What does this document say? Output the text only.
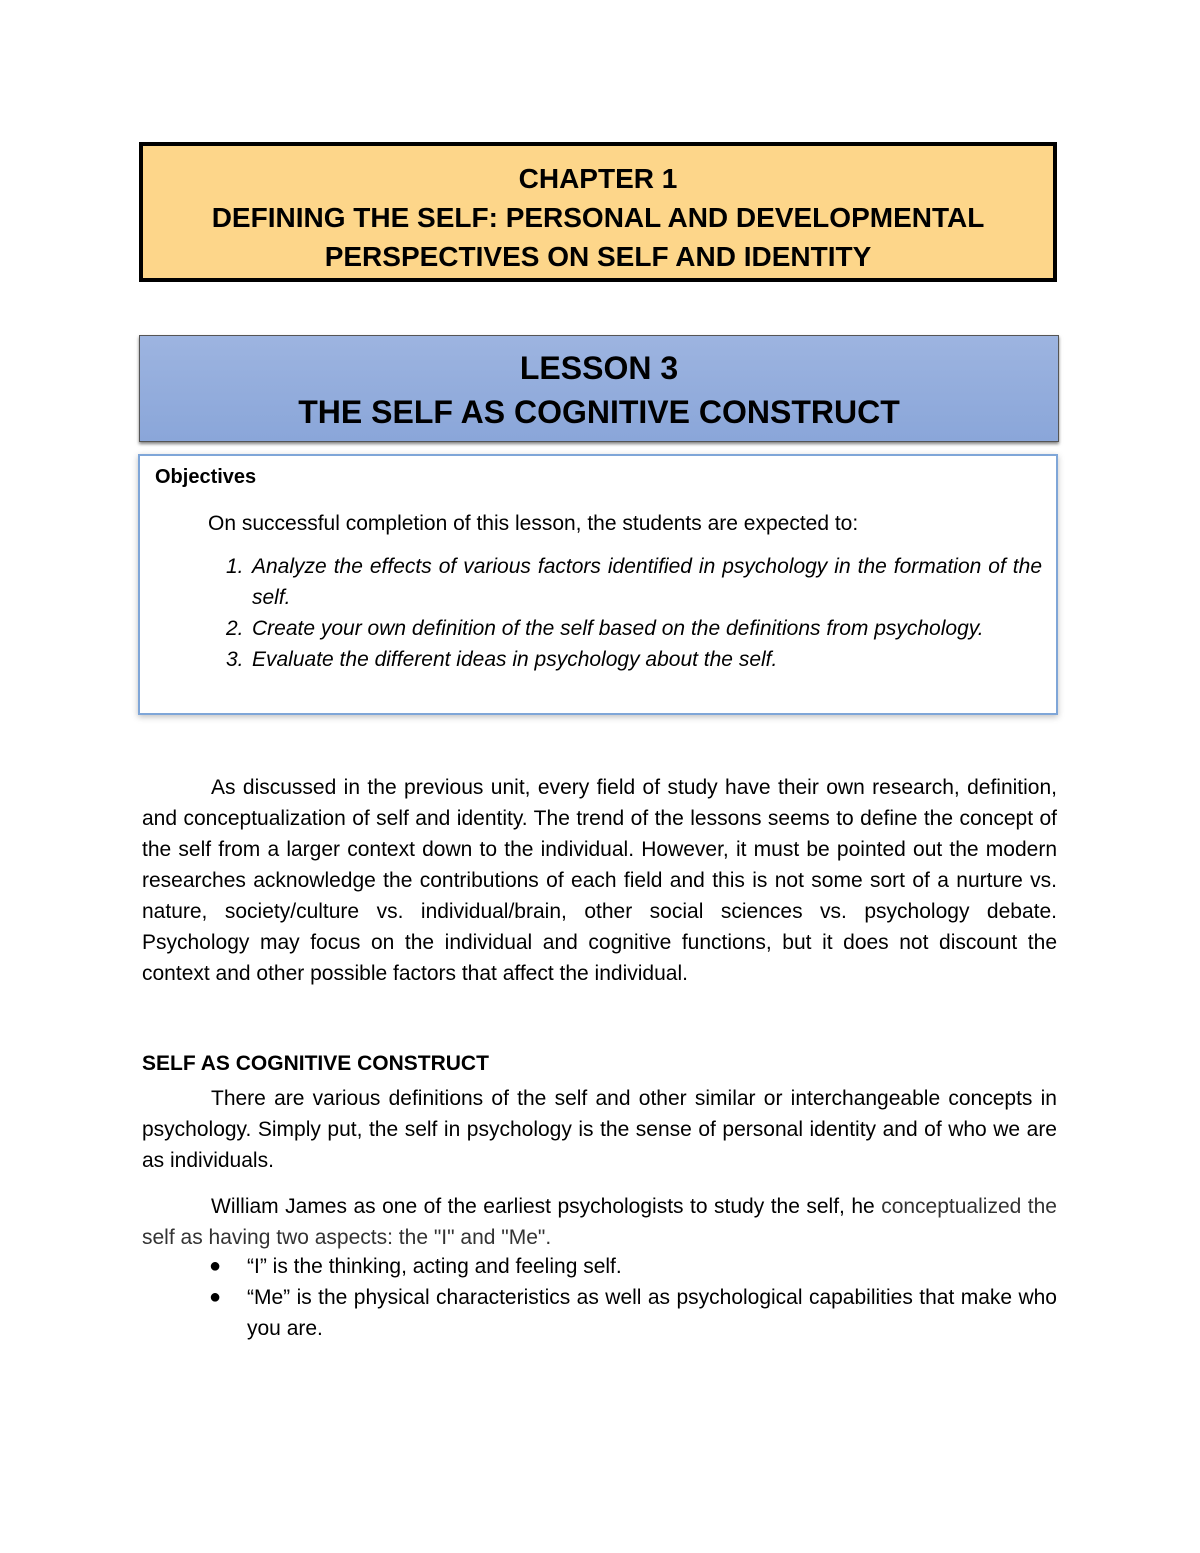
CHAPTER 1
DEFINING THE SELF: PERSONAL AND DEVELOPMENTAL
PERSPECTIVES ON SELF AND IDENTITY
LESSON 3
THE SELF AS COGNITIVE CONSTRUCT
Objectives
On successful completion of this lesson, the students are expected to:
1. Analyze the effects of various factors identified in psychology in the formation of the self.
2. Create your own definition of the self based on the definitions from psychology.
3. Evaluate the different ideas in psychology about the self.
As discussed in the previous unit, every field of study have their own research, definition, and conceptualization of self and identity. The trend of the lessons seems to define the concept of the self from a larger context down to the individual. However, it must be pointed out the modern researches acknowledge the contributions of each field and this is not some sort of a nurture vs. nature, society/culture vs. individual/brain, other social sciences vs. psychology debate. Psychology may focus on the individual and cognitive functions, but it does not discount the context and other possible factors that affect the individual.
SELF AS COGNITIVE CONSTRUCT
There are various definitions of the self and other similar or interchangeable concepts in psychology. Simply put, the self in psychology is the sense of personal identity and of who we are as individuals.
William James as one of the earliest psychologists to study the self, he conceptualized the self as having two aspects: the "I" and "Me".
● “I” is the thinking, acting and feeling self.
● “Me” is the physical characteristics as well as psychological capabilities that make who you are.
